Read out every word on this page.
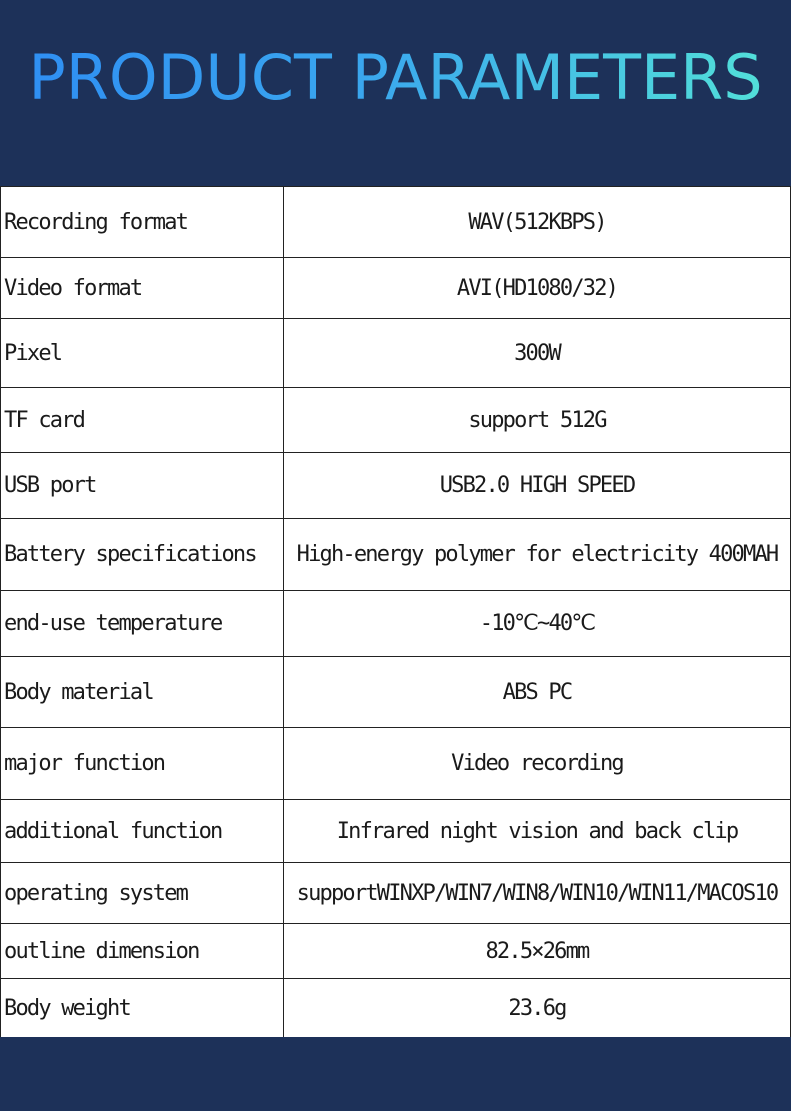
PRODUCT PARAMETERS
Recording format	WAV(512KBPS)
Video format	AVI(HD1080/32)
Pixel	300W
TF card	support 512G
USB port	USB2.0 HIGH SPEED
Battery specifications	High-energy polymer for electricity 400MAH
end-use temperature	-10℃~40℃
Body material	ABS PC
major function	Video recording
additional function	Infrared night vision and back clip
operating system	supportWINXP/WIN7/WIN8/WIN10/WIN11/MACOS10
outline dimension	82.5×26mm
Body weight	23.6g
